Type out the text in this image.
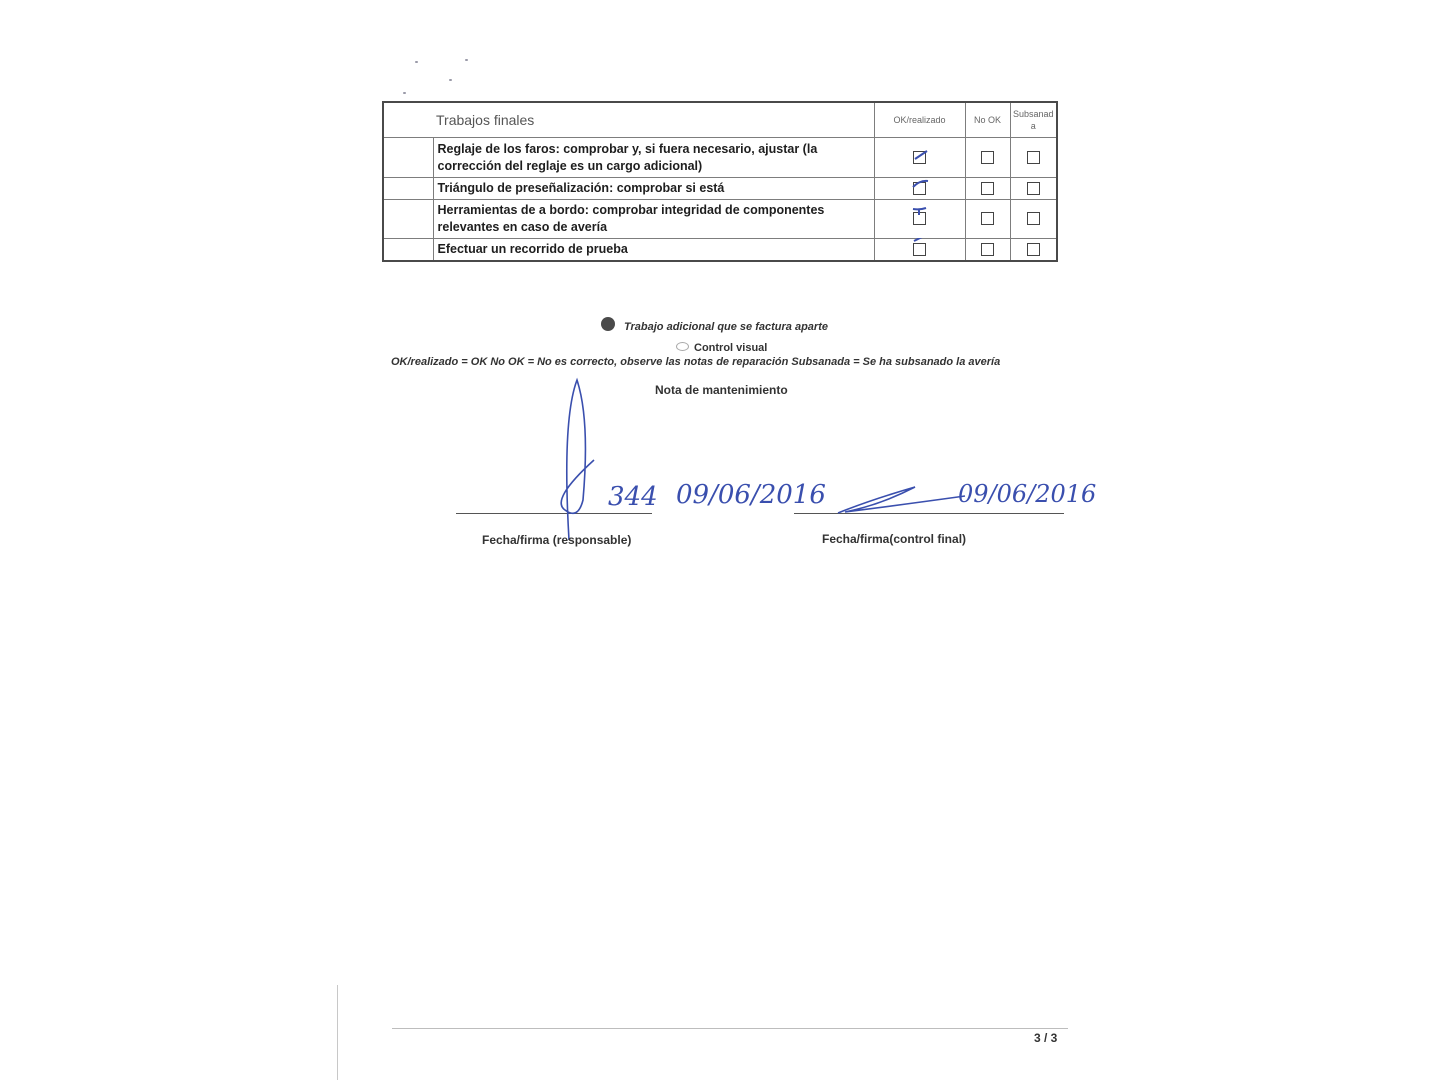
Trabajos finales		OK/realizado	No OK	Subsanad a
	Reglaje de los faros: comprobar y, si fuera necesario, ajustar (la corrección del reglaje es un cargo adicional)	

	Triángulo de preseñalización: comprobar si está	

	Herramientas de a bordo: comprobar integridad de componentes relevantes en caso de avería	

	Efectuar un recorrido de prueba	

Trabajo adicional que se factura aparte
Control visual
OK/realizado = OK No OK = No es correcto, observe las notas de reparación Subsanada = Se ha subsanado la avería
Nota de mantenimiento
344 09/06/2016	09/06/2016
Fecha/firma (responsable)	Fecha/firma(control final)
3 / 3
